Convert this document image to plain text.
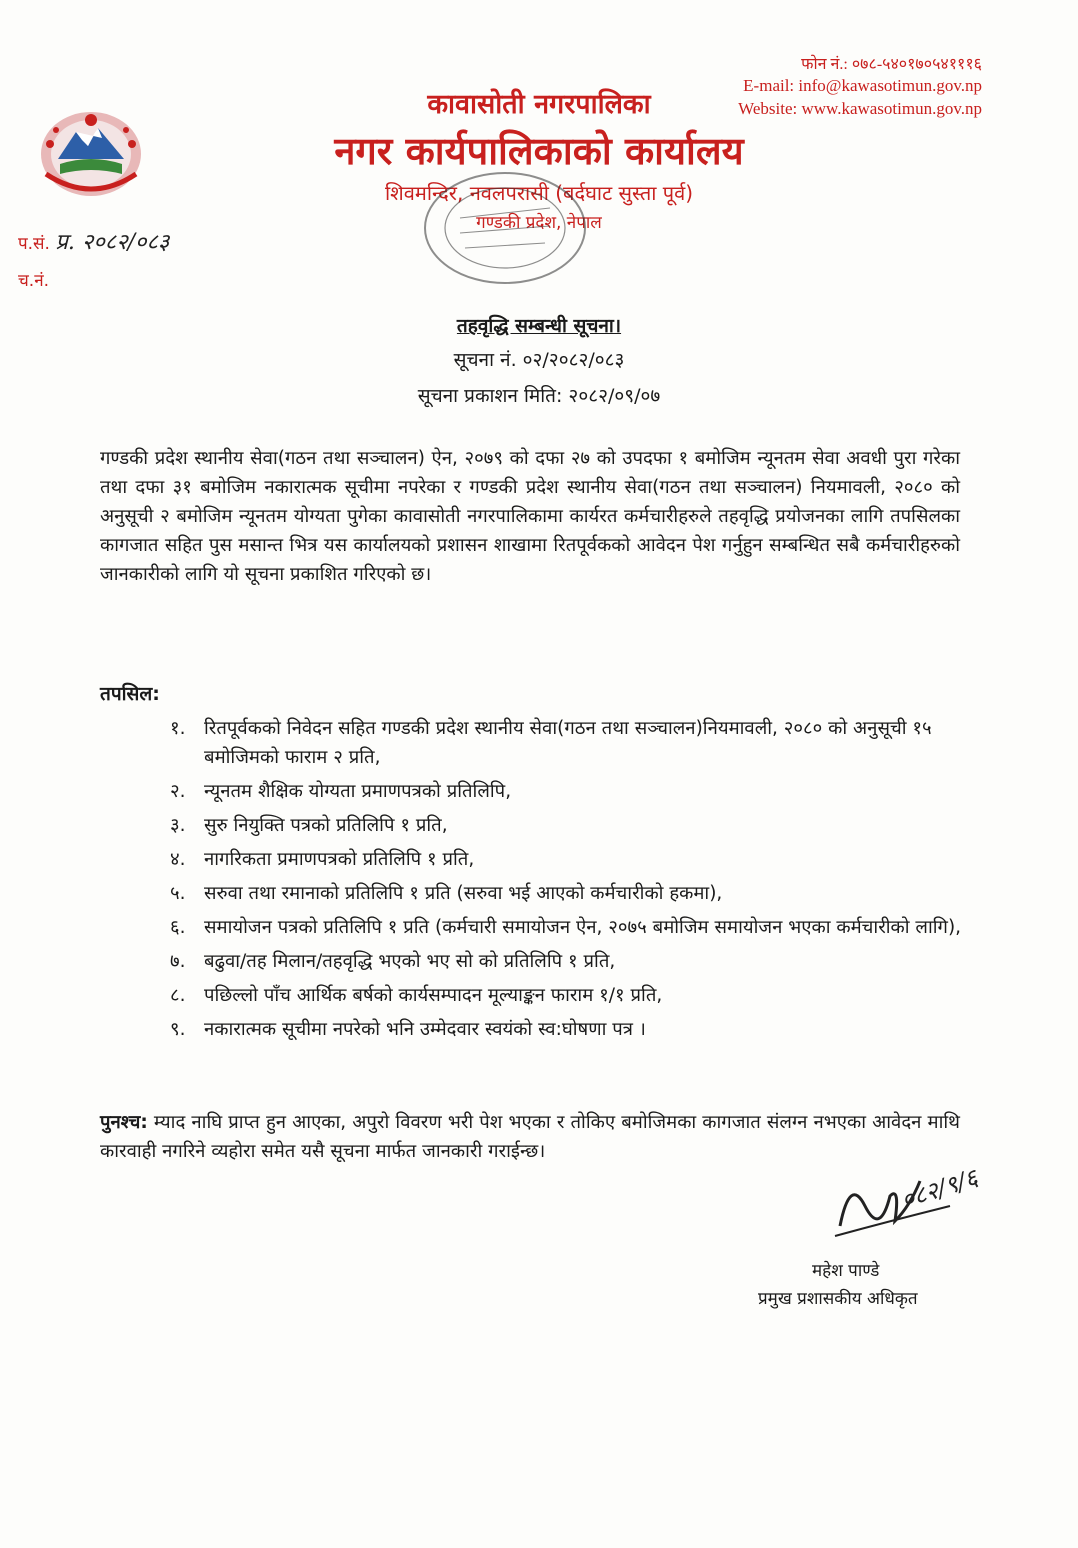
फोन नं.: ०७८-५४०१७०५४१११६
E-mail: info@kawasotimun.gov.np
Website: www.kawasotimun.gov.np
कावासोती नगरपालिका
नगर कार्यपालिकाको कार्यालय
शिवमन्दिर, नवलपरासी (बर्दघाट सुस्ता पूर्व)
गण्डकी प्रदेश, नेपाल
प.सं. प्र. २०८२/०८३
च.नं.
तहवृद्धि सम्बन्धी सूचना।
सूचना नं. ०२/२०८२/०८३
सूचना प्रकाशन मिति: २०८२/०९/०७
गण्डकी प्रदेश स्थानीय सेवा(गठन तथा सञ्चालन) ऐन, २०७९ को दफा २७ को उपदफा १ बमोजिम न्यूनतम सेवा अवधी पुरा गरेका तथा दफा ३१ बमोजिम नकारात्मक सूचीमा नपरेका र गण्डकी प्रदेश स्थानीय सेवा(गठन तथा सञ्चालन) नियमावली, २०८० को अनुसूची २ बमोजिम न्यूनतम योग्यता पुगेका कावासोती नगरपालिकामा कार्यरत कर्मचारीहरुले तहवृद्धि प्रयोजनका लागि तपसिलका कागजात सहित पुस मसान्त भित्र यस कार्यालयको प्रशासन शाखामा रितपूर्वकको आवेदन पेश गर्नुहुन सम्बन्धित सबै कर्मचारीहरुको जानकारीको लागि यो सूचना प्रकाशित गरिएको छ।
तपसिल:
१. रितपूर्वकको निवेदन सहित गण्डकी प्रदेश स्थानीय सेवा(गठन तथा सञ्चालन)नियमावली, २०८० को अनुसूची १५ बमोजिमको फाराम २ प्रति,
२. न्यूनतम शैक्षिक योग्यता प्रमाणपत्रको प्रतिलिपि,
३. सुरु नियुक्ति पत्रको प्रतिलिपि १ प्रति,
४. नागरिकता प्रमाणपत्रको प्रतिलिपि १ प्रति,
५. सरुवा तथा रमानाको प्रतिलिपि १ प्रति (सरुवा भई आएको कर्मचारीको हकमा),
६. समायोजन पत्रको प्रतिलिपि १ प्रति (कर्मचारी समायोजन ऐन, २०७५ बमोजिम समायोजन भएका कर्मचारीको लागि),
७. बढुवा/तह मिलान/तहवृद्धि भएको भए सो को प्रतिलिपि १ प्रति,
८. पछिल्लो पाँच आर्थिक बर्षको कार्यसम्पादन मूल्याङ्कन फाराम १/१ प्रति,
९. नकारात्मक सूचीमा नपरेको भनि उम्मेदवार स्वयंको स्व:घोषणा पत्र ।
पुनश्च: म्याद नाघि प्राप्त हुन आएका, अपुरो विवरण भरी पेश भएका र तोकिए बमोजिमका कागजात संलग्न नभएका आवेदन माथि कारवाही नगरिने व्यहोरा समेत यसै सूचना मार्फत जानकारी गराईन्छ।
०८२/९/६
महेश पाण्डे
प्रमुख प्रशासकीय अधिकृत
